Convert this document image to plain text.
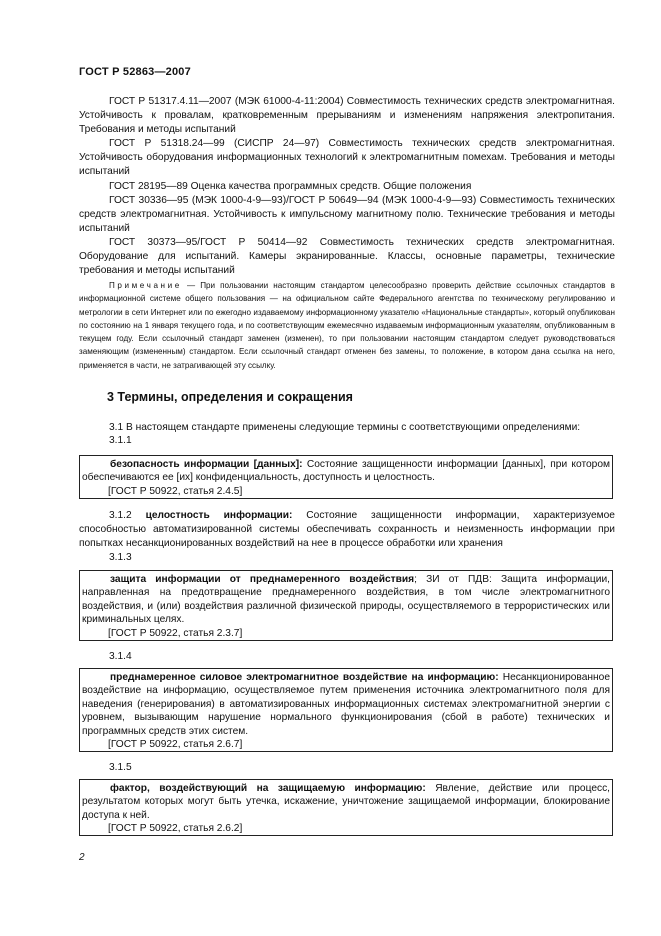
ГОСТ Р 52863—2007

ГОСТ Р 51317.4.11—2007 (МЭК 61000-4-11:2004) Совместимость технических средств электромагнитная. Устойчивость к провалам, кратковременным прерываниям и изменениям напряжения электропитания. Требования и методы испытаний

ГОСТ Р 51318.24—99 (СИСПР 24—97) Совместимость технических средств электромагнитная. Устойчивость оборудования информационных технологий к электромагнитным помехам. Требования и методы испытаний

ГОСТ 28195—89 Оценка качества программных средств. Общие положения

ГОСТ 30336—95 (МЭК 1000-4-9—93)/ГОСТ Р 50649—94 (МЭК 1000-4-9—93) Совместимость технических средств электромагнитная. Устойчивость к импульсному магнитному полю. Технические требования и методы испытаний

ГОСТ 30373—95/ГОСТ Р 50414—92 Совместимость технических средств электромагнитная. Оборудование для испытаний. Камеры экранированные. Классы, основные параметры, технические требования и методы испытаний

Примечание — При пользовании настоящим стандартом целесообразно проверить действие ссылочных стандартов в информационной системе общего пользования — на официальном сайте Федерального агентства по техническому регулированию и метрологии в сети Интернет или по ежегодно издаваемому информационному указателю «Национальные стандарты», который опубликован по состоянию на 1 января текущего года, и по соответствующим ежемесячно издаваемым информационным указателям, опубликованным в текущем году. Если ссылочный стандарт заменен (изменен), то при пользовании настоящим стандартом следует руководствоваться заменяющим (измененным) стандартом. Если ссылочный стандарт отменен без замены, то положение, в котором дана ссылка на него, применяется в части, не затрагивающей эту ссылку.

3 Термины, определения и сокращения

3.1 В настоящем стандарте применены следующие термины с соответствующими определениями:

3.1.1

безопасность информации [данных]: Состояние защищенности информации [данных], при котором обеспечиваются ее [их] конфиденциальность, доступность и целостность.

[ГОСТ Р 50922, статья 2.4.5]

3.1.2 целостность информации: Состояние защищенности информации, характеризуемое способностью автоматизированной системы обеспечивать сохранность и неизменность информации при попытках несанкционированных воздействий на нее в процессе обработки или хранения

3.1.3

защита информации от преднамеренного воздействия; ЗИ от ПДВ: Защита информации, направленная на предотвращение преднамеренного воздействия, в том числе электромагнитного воздействия, и (или) воздействия различной физической природы, осуществляемого в террористических или криминальных целях.

[ГОСТ Р 50922, статья 2.3.7]

3.1.4

преднамеренное силовое электромагнитное воздействие на информацию: Несанкционированное воздействие на информацию, осуществляемое путем применения источника электромагнитного поля для наведения (генерирования) в автоматизированных информационных системах электромагнитной энергии с уровнем, вызывающим нарушение нормального функционирования (сбой в работе) технических и программных средств этих систем.

[ГОСТ Р 50922, статья 2.6.7]

3.1.5

фактор, воздействующий на защищаемую информацию: Явление, действие или процесс, результатом которых могут быть утечка, искажение, уничтожение защищаемой информации, блокирование доступа к ней.

[ГОСТ Р 50922, статья 2.6.2]

2
